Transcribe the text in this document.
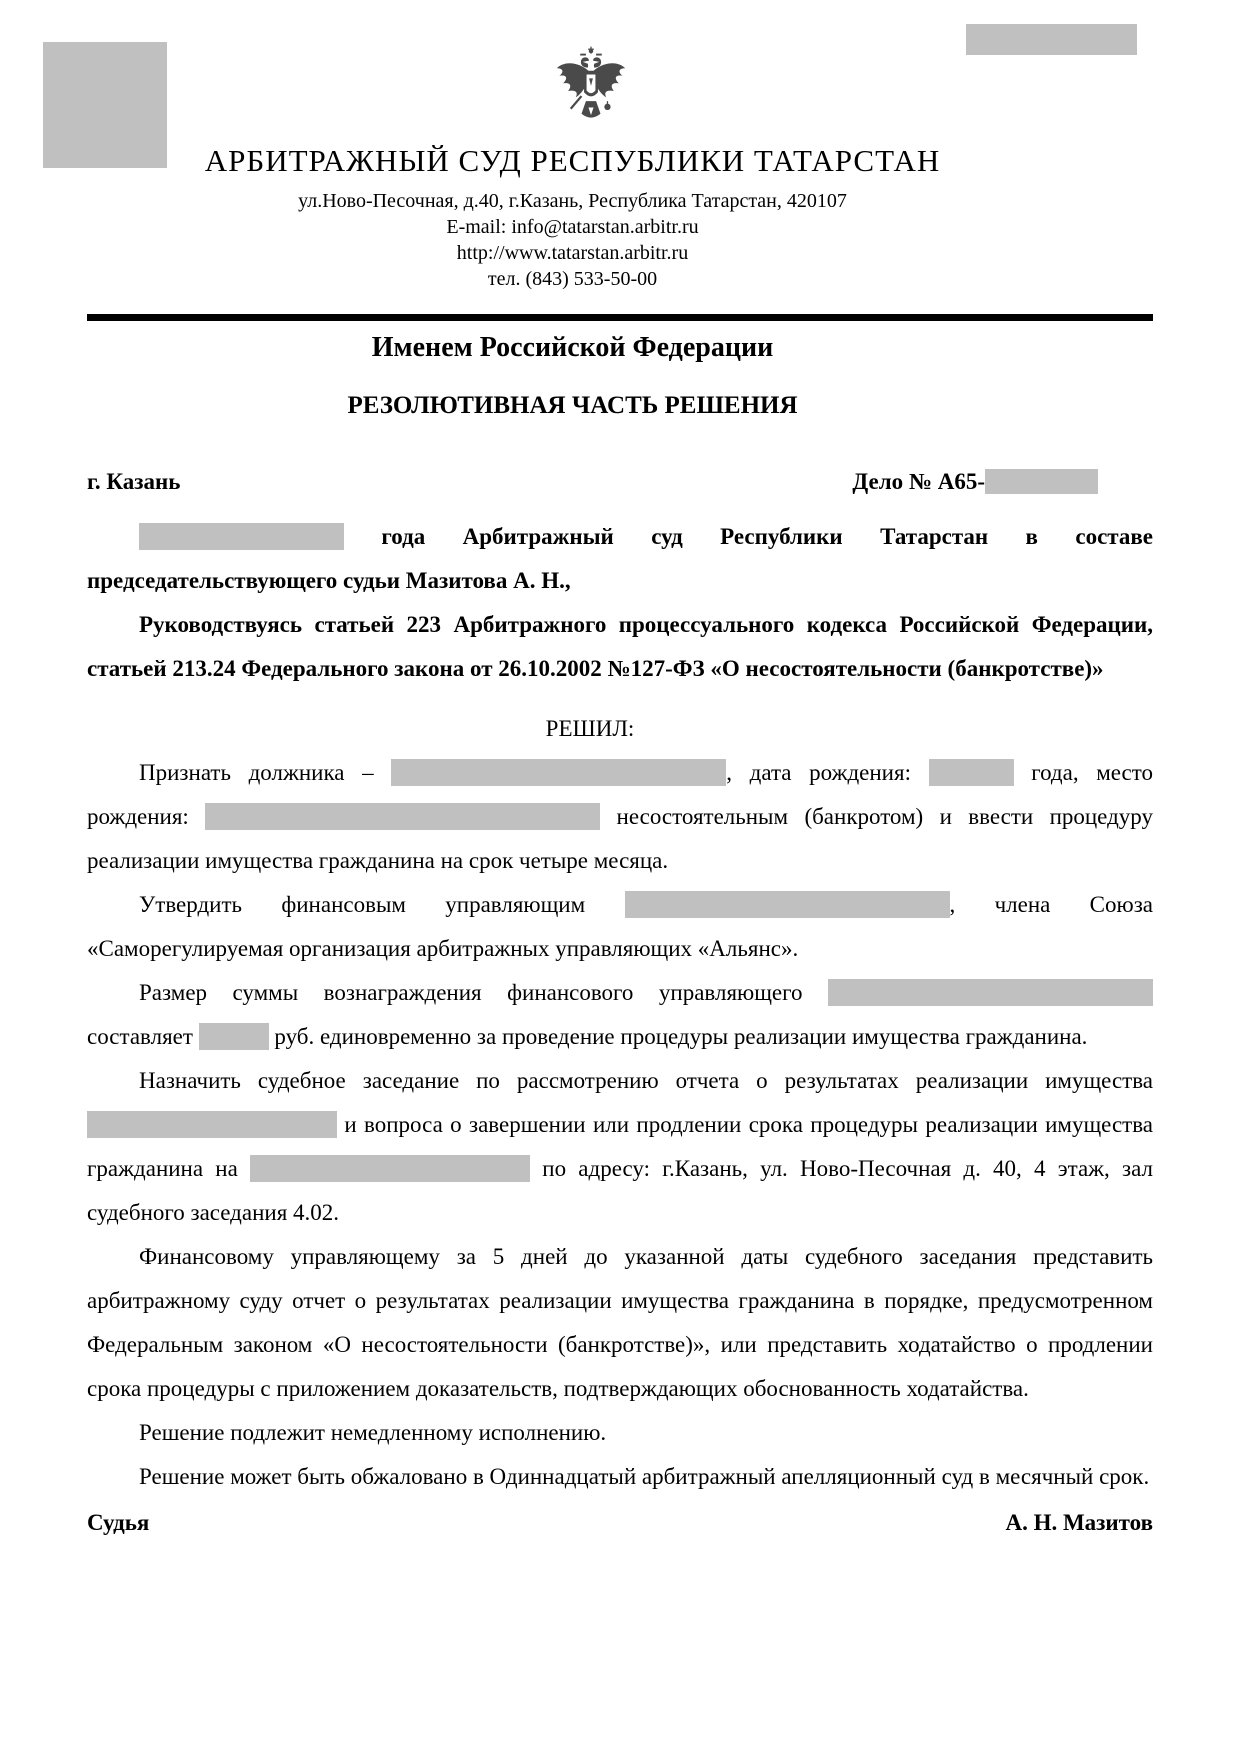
АРБИТРАЖНЫЙ СУД РЕСПУБЛИКИ ТАТАРСТАН
ул.Ново-Песочная, д.40, г.Казань, Республика Татарстан, 420107
E-mail: info@tatarstan.arbitr.ru
http://www.tatarstan.arbitr.ru
тел. (843) 533-50-00
Именем Российской Федерации
РЕЗОЛЮТИВНАЯ ЧАСТЬ РЕШЕНИЯ
г. Казань	Дело № А65-

года Арбитражный суд Республики Татарстан в составе председательствующего судьи Мазитова А. Н.,

Руководствуясь статьей 223 Арбитражного процессуального кодекса Российской Федерации, статьей 213.24 Федерального закона от 26.10.2002 №127-ФЗ «О несостоятельности (банкротстве)»

РЕШИЛ:

Признать должника –	, дата рождения:	года, место рождения:	несостоятельным (банкротом) и ввести процедуру реализации имущества гражданина на срок четыре месяца.

Утвердить финансовым управляющим	, члена Союза «Саморегулируемая организация арбитражных управляющих «Альянс».

Размер суммы вознаграждения финансового управляющего  составляет	руб. единовременно за проведение процедуры реализации имущества гражданина.

Назначить судебное заседание по рассмотрению отчета о результатах реализации имущества  и вопроса о завершении или продлении срока процедуры реализации имущества гражданина на	по адресу: г.Казань, ул. Ново-Песочная д. 40, 4 этаж, зал судебного заседания 4.02.

Финансовому управляющему за 5 дней до указанной даты судебного заседания представить арбитражному суду отчет о результатах реализации имущества гражданина в порядке, предусмотренном Федеральным законом «О несостоятельности (банкротстве)», или представить ходатайство о продлении срока процедуры с приложением доказательств, подтверждающих обоснованность ходатайства.

Решение подлежит немедленному исполнению.

Решение может быть обжаловано в Одиннадцатый арбитражный апелляционный суд в месячный срок.

Судья	А. Н. Мазитов
